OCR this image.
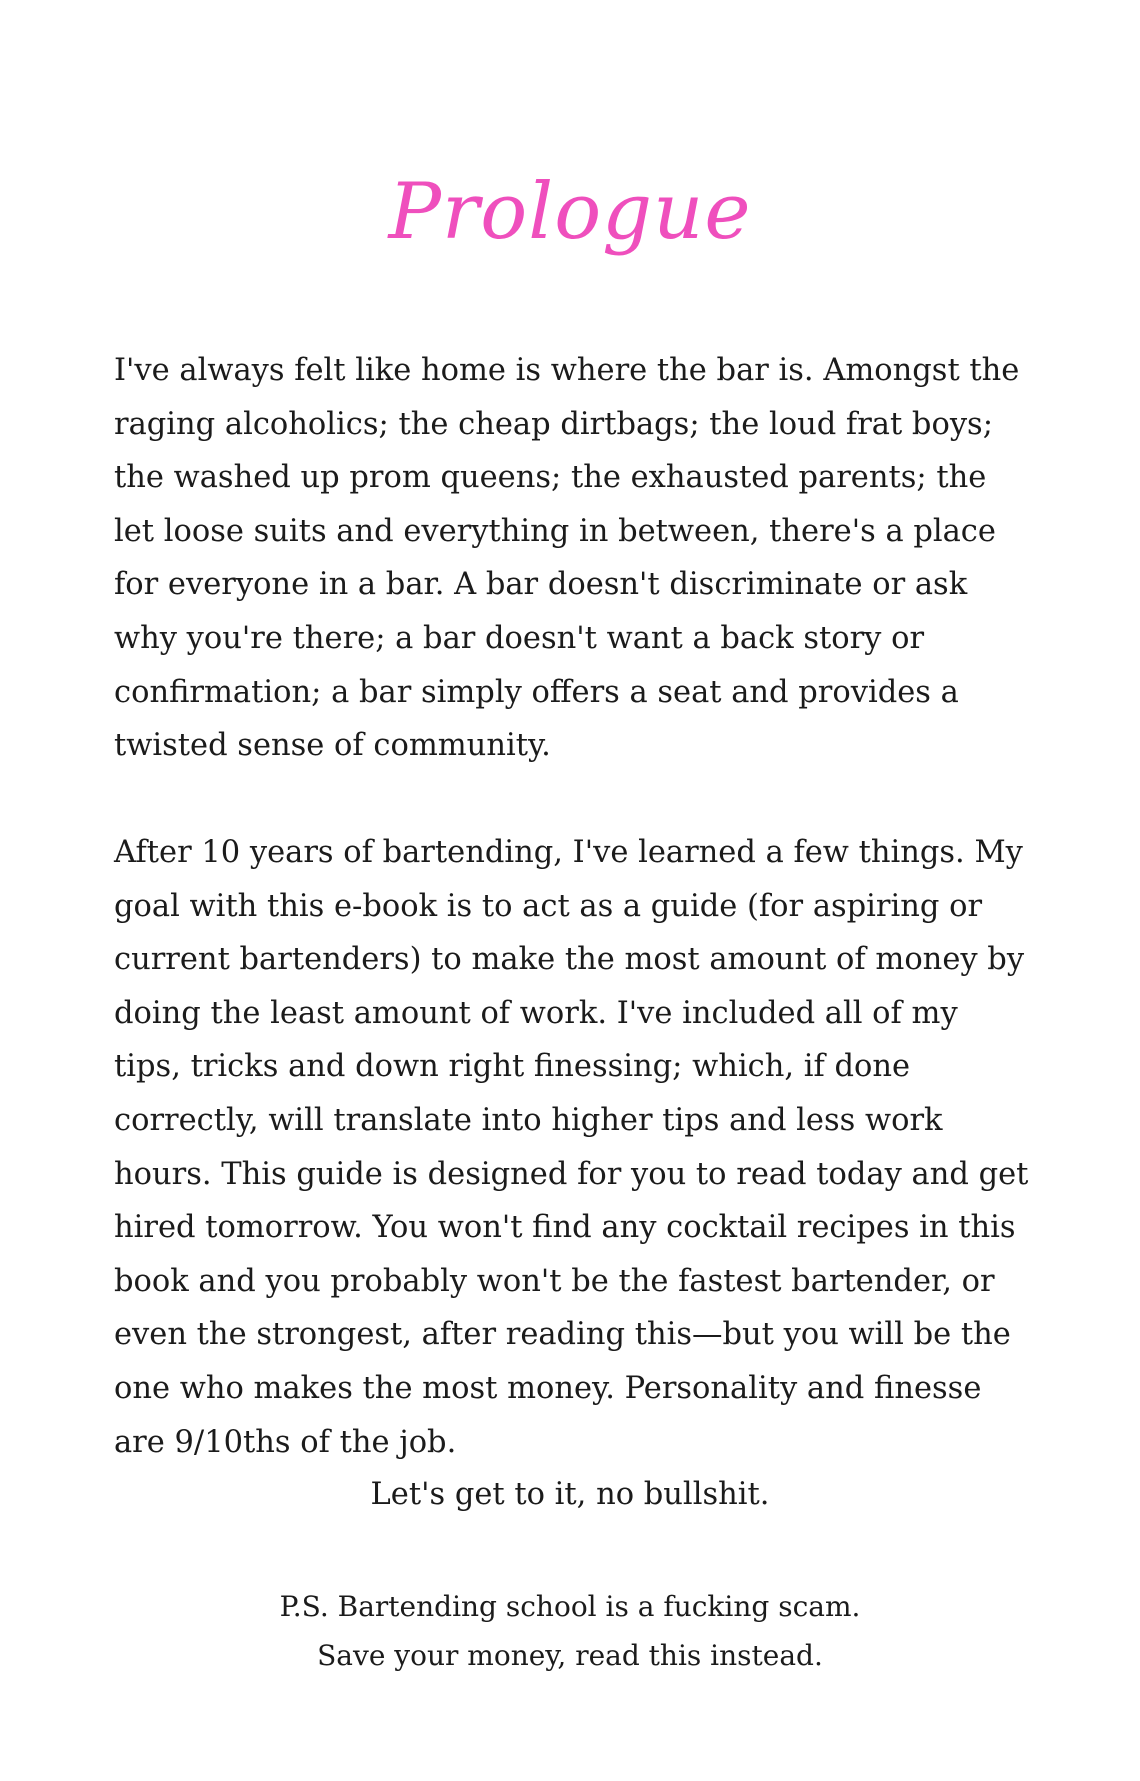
Prologue

I've always felt like home is where the bar is. Amongst the raging alcoholics; the cheap dirtbags; the loud frat boys; the washed up prom queens; the exhausted parents; the let loose suits and everything in between, there's a place for everyone in a bar. A bar doesn't discriminate or ask why you're there; a bar doesn't want a back story or confirmation; a bar simply offers a seat and provides a twisted sense of community.

After 10 years of bartending, I've learned a few things. My goal with this e-book is to act as a guide (for aspiring or current bartenders) to make the most amount of money by doing the least amount of work. I've included all of my tips, tricks and down right finessing; which, if done correctly, will translate into higher tips and less work hours. This guide is designed for you to read today and get hired tomorrow. You won't find any cocktail recipes in this book and you probably won't be the fastest bartender, or even the strongest, after reading this—but you will be the one who makes the most money. Personality and finesse are 9/10ths of the job.

Let's get to it, no bullshit.

P.S. Bartending school is a fucking scam.
Save your money, read this instead.
